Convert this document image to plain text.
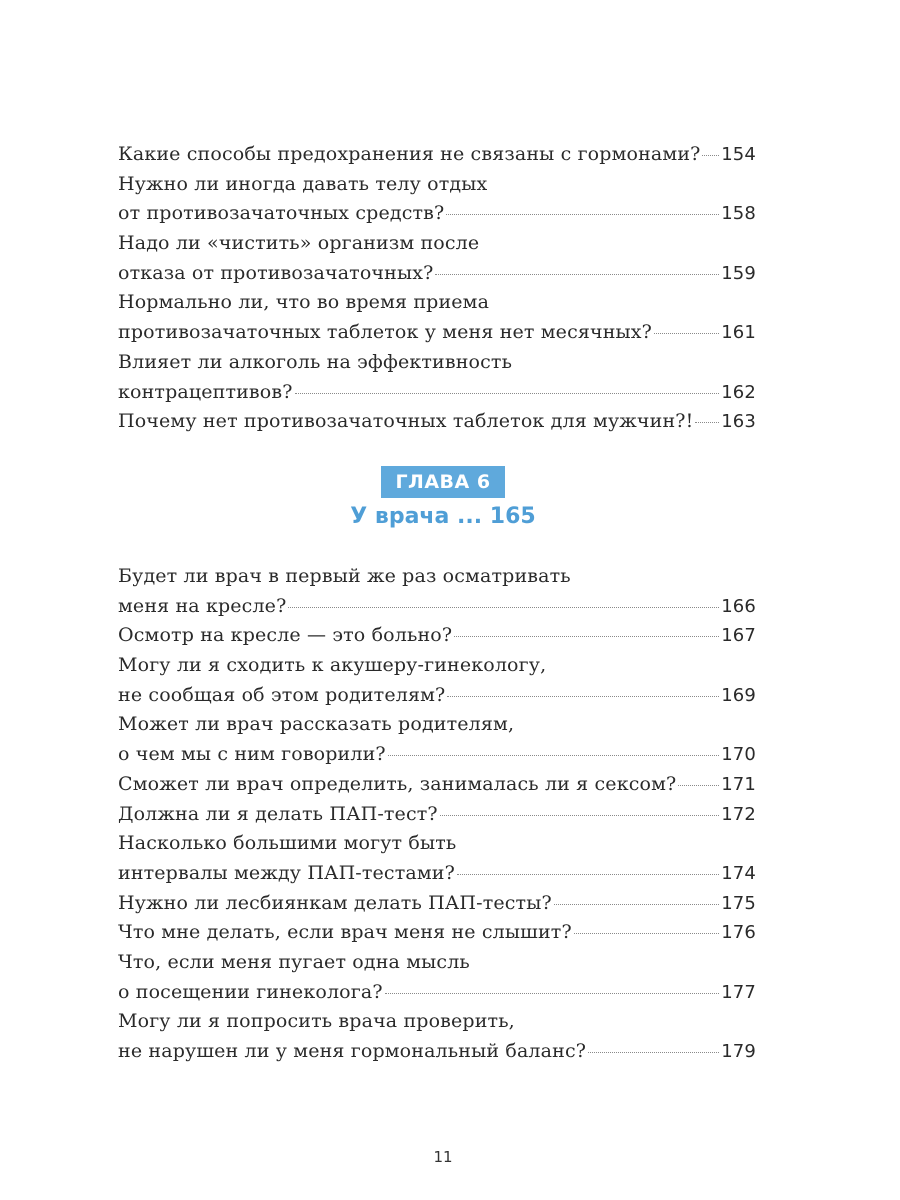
Какие способы предохранения не связаны с гормонами? 154
Нужно ли иногда давать телу отдых
от противозачаточных средств?	158
Надо ли «чистить» организм после
отказа от противозачаточных?	159
Нормально ли, что во время приема
противозачаточных таблеток у меня нет месячных?	161
Влияет ли алкоголь на эффективность
контрацептивов?	162
Почему нет противозачаточных таблеток для мужчин?! 163
ГЛАВА 6
У врача ... 165
Будет ли врач в первый же раз осматривать
меня на кресле?	166
Осмотр на кресле — это больно?	167
Могу ли я сходить к акушеру-гинекологу,
не сообщая об этом родителям?	169
Может ли врач рассказать родителям,
о чем мы с ним говорили?	170
Сможет ли врач определить, занималась ли я сексом? 171
Должна ли я делать ПАП-тест?	172
Насколько большими могут быть
интервалы между ПАП-тестами?	174
Нужно ли лесбиянкам делать ПАП-тесты?	175
Что мне делать, если врач меня не слышит?	176
Что, если меня пугает одна мысль
о посещении гинеколога?	177
Могу ли я попросить врача проверить,
не нарушен ли у меня гормональный баланс?	179
11
